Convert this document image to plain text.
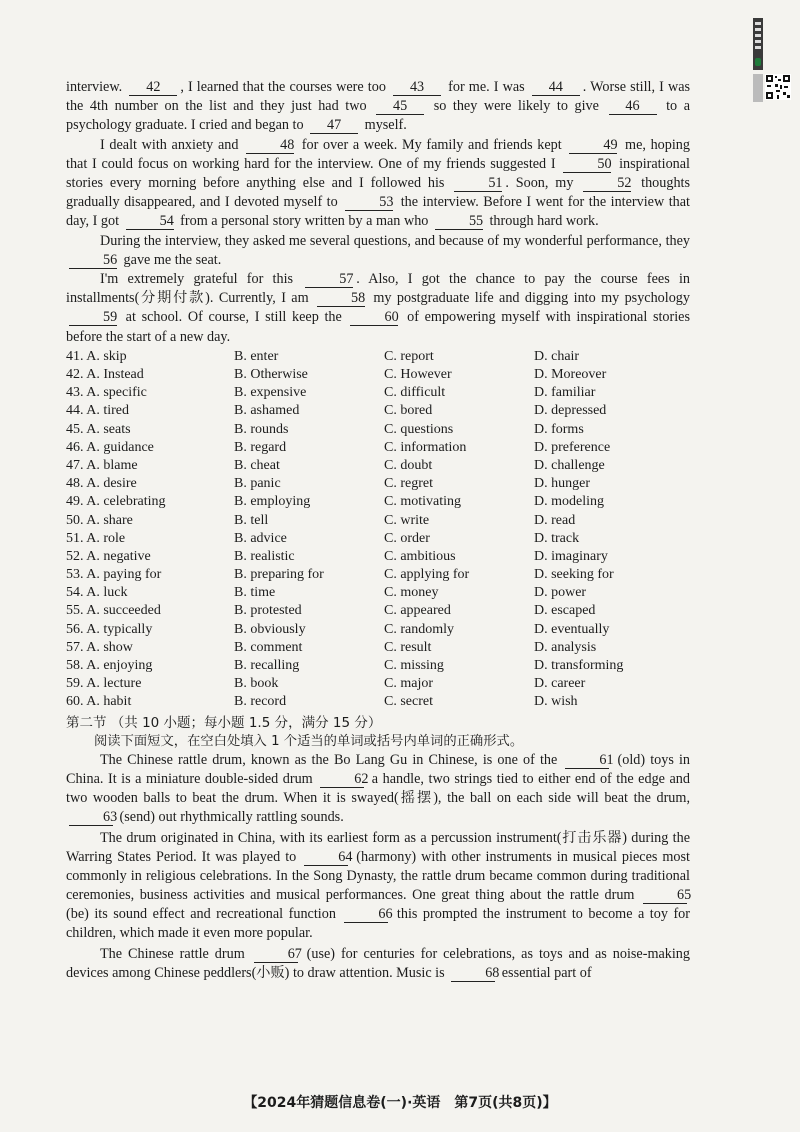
interview. 42 , I learned that the courses were too 43 for me. I was 44 . Worse still, I was the 4th number on the list and they just had two 45 so they were likely to give 46 to a psychology graduate. I cried and began to 47 myself.

I dealt with anxiety and	48 for over a week. My family and friends kept	49 me, hoping that I could focus on working hard for the interview. One of my friends suggested I	50 inspirational stories every morning before anything else and I followed his	51 . Soon, my	52 thoughts gradually disappeared, and I devoted myself to	53 the interview. Before I went for the interview that day, I got	54 from a personal story written by a man who	55 through hard work.

During the interview, they asked me several questions, and because of my wonderful performance, they 56 gave me the seat.

I'm extremely grateful for this	57 . Also, I got the chance to pay the course fees in installments(分期付款). Currently, I am	58 my postgraduate life and digging into my psychology 59 at school. Of course, I still keep the	60 of empowering myself with inspirational stories before the start of a new day.

41. A. skip	B. enter	C. report	D. chair
42. A. Instead	B. Otherwise	C. However	D. Moreover
43. A. specific	B. expensive	C. difficult	D. familiar
44. A. tired	B. ashamed	C. bored	D. depressed
45. A. seats	B. rounds	C. questions	D. forms
46. A. guidance	B. regard	C. information	D. preference
47. A. blame	B. cheat	C. doubt	D. challenge
48. A. desire	B. panic	C. regret	D. hunger
49. A. celebrating	B. employing	C. motivating	D. modeling
50. A. share	B. tell	C. write	D. read
51. A. role	B. advice	C. order	D. track
52. A. negative	B. realistic	C. ambitious	D. imaginary
53. A. paying for	B. preparing for	C. applying for	D. seeking for
54. A. luck	B. time	C. money	D. power
55. A. succeeded	B. protested	C. appeared	D. escaped
56. A. typically	B. obviously	C. randomly	D. eventually
57. A. show	B. comment	C. result	D. analysis
58. A. enjoying	B. recalling	C. missing	D. transforming
59. A. lecture	B. book	C. major	D. career
60. A. habit	B. record	C. secret	D. wish
第二节 （共 10 小题；每小题 1.5 分，满分 15 分）
阅读下面短文，在空白处填入 1 个适当的单词或括号内单词的正确形式。

The Chinese rattle drum, known as the Bo Lang Gu in Chinese, is one of the	61 (old) toys in China. It is a miniature double-sided drum	62 a handle, two strings tied to either end of the edge and two wooden balls to beat the drum. When it is swayed(摇摆), the ball on each side will beat the drum, 63 (send) out rhythmically rattling sounds.

The drum originated in China, with its earliest form as a percussion instrument(打击乐器) during the Warring States Period. It was played to	64 (harmony) with other instruments in musical pieces most commonly in religious celebrations. In the Song Dynasty, the rattle drum became common during traditional ceremonies, business activities and musical performances. One great thing about the rattle drum	65 (be) its sound effect and recreational function	66 this prompted the instrument to become a toy for children, which made it even more popular.

The Chinese rattle drum	67 (use) for centuries for celebrations, as toys and as noise-making devices among Chinese peddlers(小贩) to draw attention. Music is	68 essential part of

【2024年猜题信息卷(一)·英语　第7页(共8页)】
